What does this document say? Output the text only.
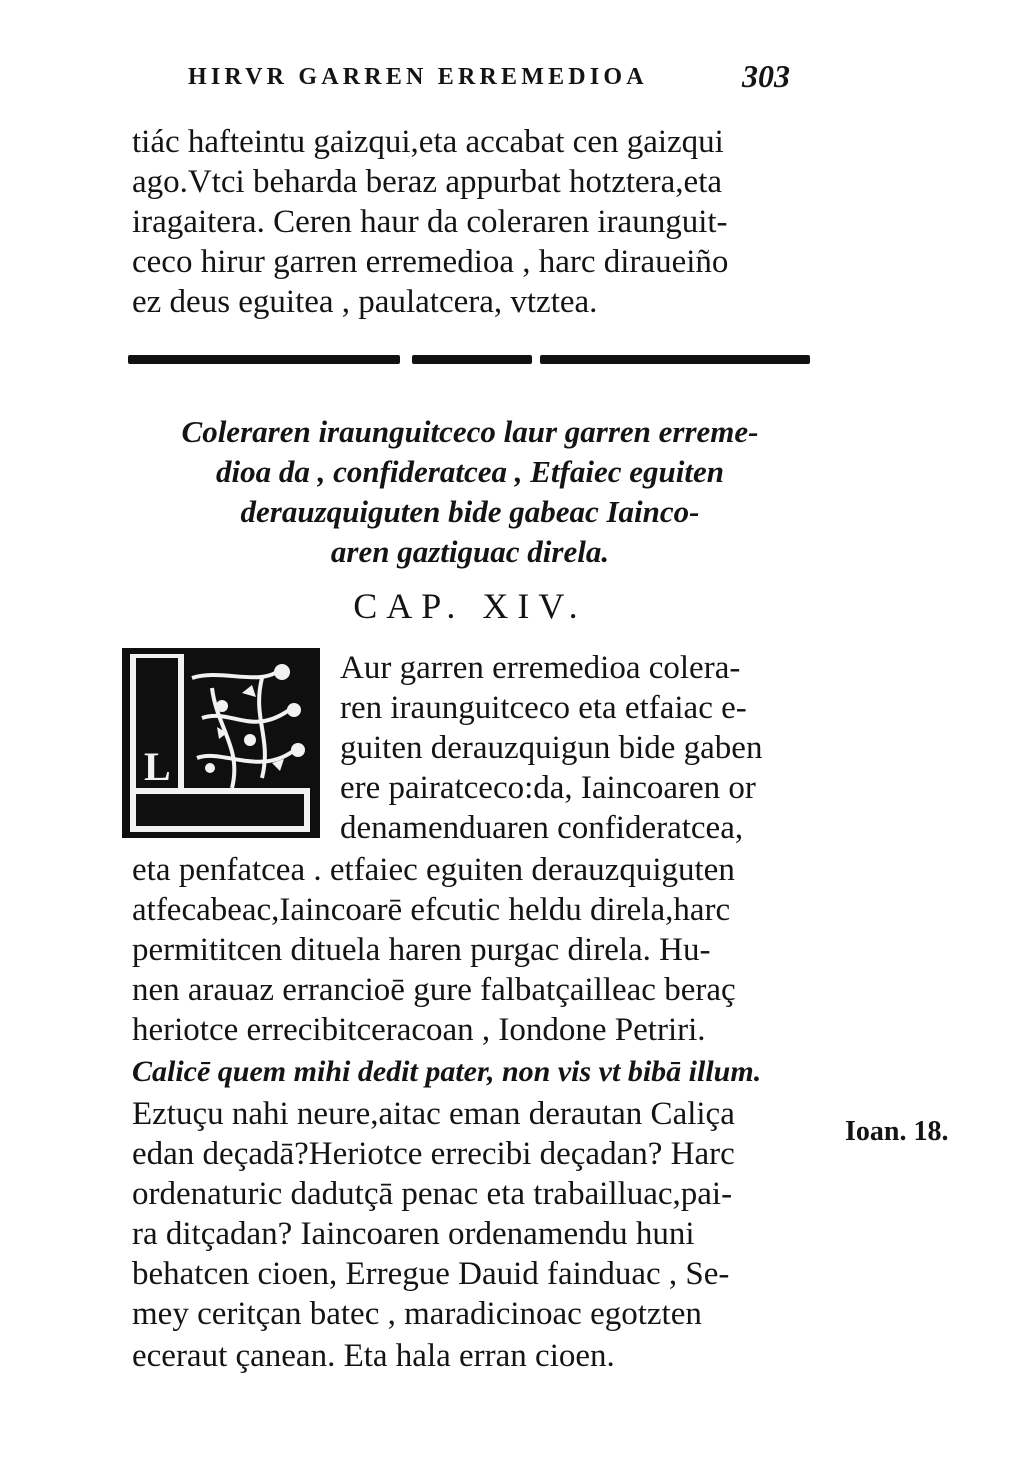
HIRVR GARREN ERREMEDIOA	303
tiác hafteintu gaizqui,eta accabat cen gaizqui
ago.Vtci beharda beraz appurbat hotztera,eta
iragaitera. Ceren haur da coleraren iraunguit-
ceco hirur garren erremedioa , harc diraueiño
ez deus eguitea , paulatcera, vtztea.
Coleraren iraunguitceco laur garren erreme-
dioa da , confideratcea , Etfaiec eguiten
derauzquiguten bide gabeac Iainco-
aren gaztiguac direla.
CAP. XIV.
L
Aur garren erremedioa colera-
ren iraunguitceco eta etfaiac e-
guiten derauzquigun bide gaben
ere pairatceco:da, Iaincoaren or
denamenduaren confideratcea,
eta penfatcea . etfaiec eguiten derauzquiguten
atfecabeac,Iaincoarē efcutic heldu direla,harc
permititcen dituela haren purgac direla. Hu-
nen arauaz errancioē gure falbatçailleac beraç
heriotce errecibitceracoan , Iondone Petriri.
Calicē quem mihi dedit pater, non vis vt bibā illum.
Eztuçu nahi neure,aitac eman derautan Caliça
edan deçadā?Heriotce errecibi deçadan? Harc
ordenaturic dadutçā penac eta trabailluac,pai-
ra ditçadan? Iaincoaren ordenamendu huni
behatcen cioen, Erregue Dauid fainduac , Se-
mey ceritçan batec , maradicinoac egotzten
eceraut çanean. Eta hala erran cioen.
Ioan. 18.
